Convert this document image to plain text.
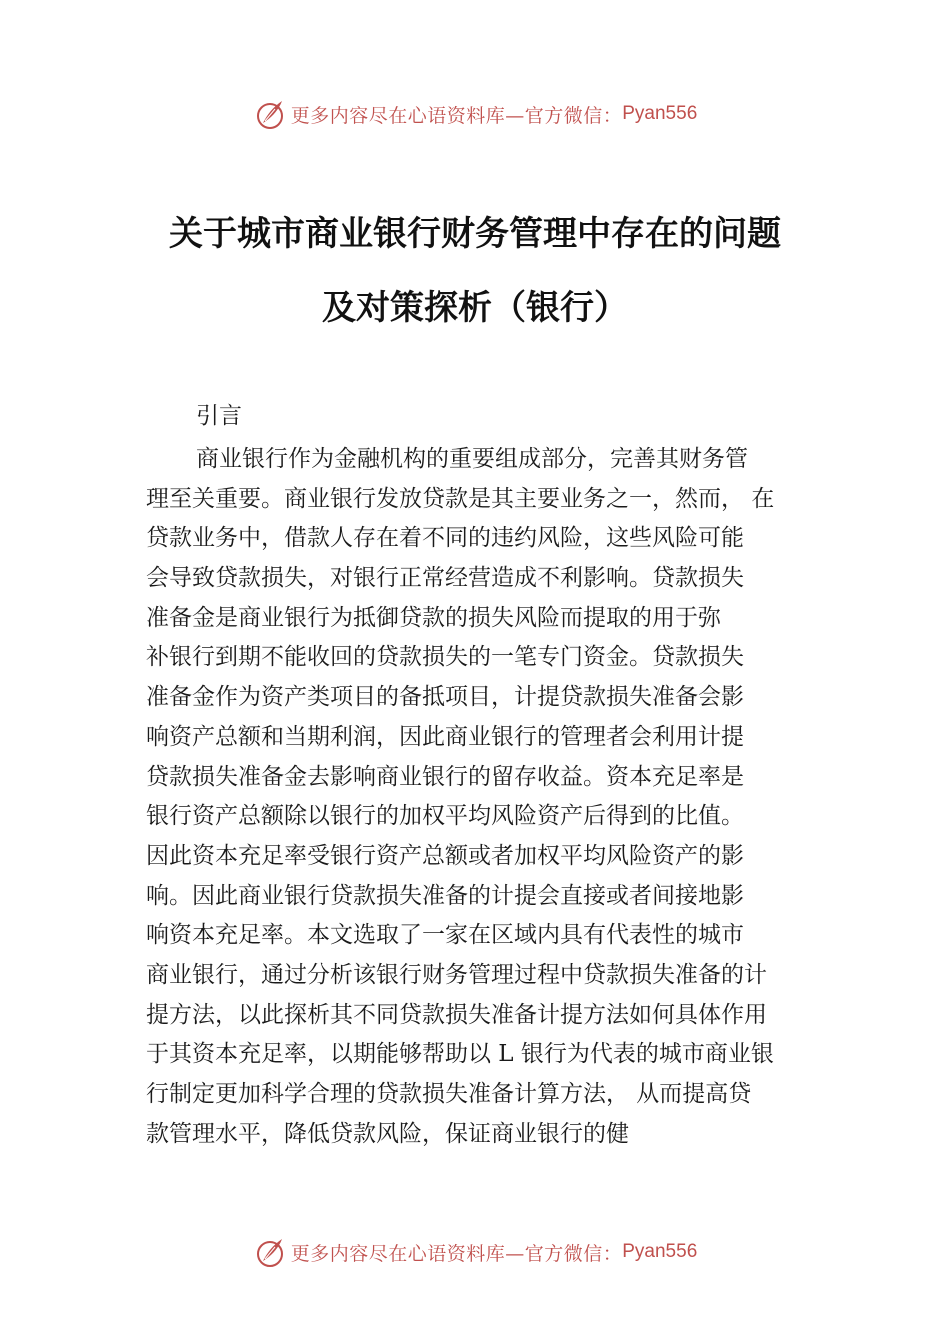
更多内容尽在心语资料库—官方微信： Pyan556
关于城市商业银行财务管理中存在的问题
及对策探析（银行）
引言
商业银行作为金融机构的重要组成部分，完善其财务管
理至关重要。商业银行发放贷款是其主要业务之一，然而， 在
贷款业务中，借款人存在着不同的违约风险，这些风险可能
会导致贷款损失，对银行正常经营造成不利影响。贷款损失
准备金是商业银行为抵御贷款的损失风险而提取的用于弥
补银行到期不能收回的贷款损失的一笔专门资金。贷款损失
准备金作为资产类项目的备抵项目，计提贷款损失准备会影
响资产总额和当期利润，因此商业银行的管理者会利用计提
贷款损失准备金去影响商业银行的留存收益。资本充足率是
银行资产总额除以银行的加权平均风险资产后得到的比值。
因此资本充足率受银行资产总额或者加权平均风险资产的影
响。因此商业银行贷款损失准备的计提会直接或者间接地影
响资本充足率。本文选取了一家在区域内具有代表性的城市
商业银行，通过分析该银行财务管理过程中贷款损失准备的计
提方法，以此探析其不同贷款损失准备计提方法如何具体作用
于其资本充足率，以期能够帮助以 L 银行为代表的城市商业银
行制定更加科学合理的贷款损失准备计算方法， 从而提高贷
款管理水平，降低贷款风险，保证商业银行的健
更多内容尽在心语资料库—官方微信： Pyan556
